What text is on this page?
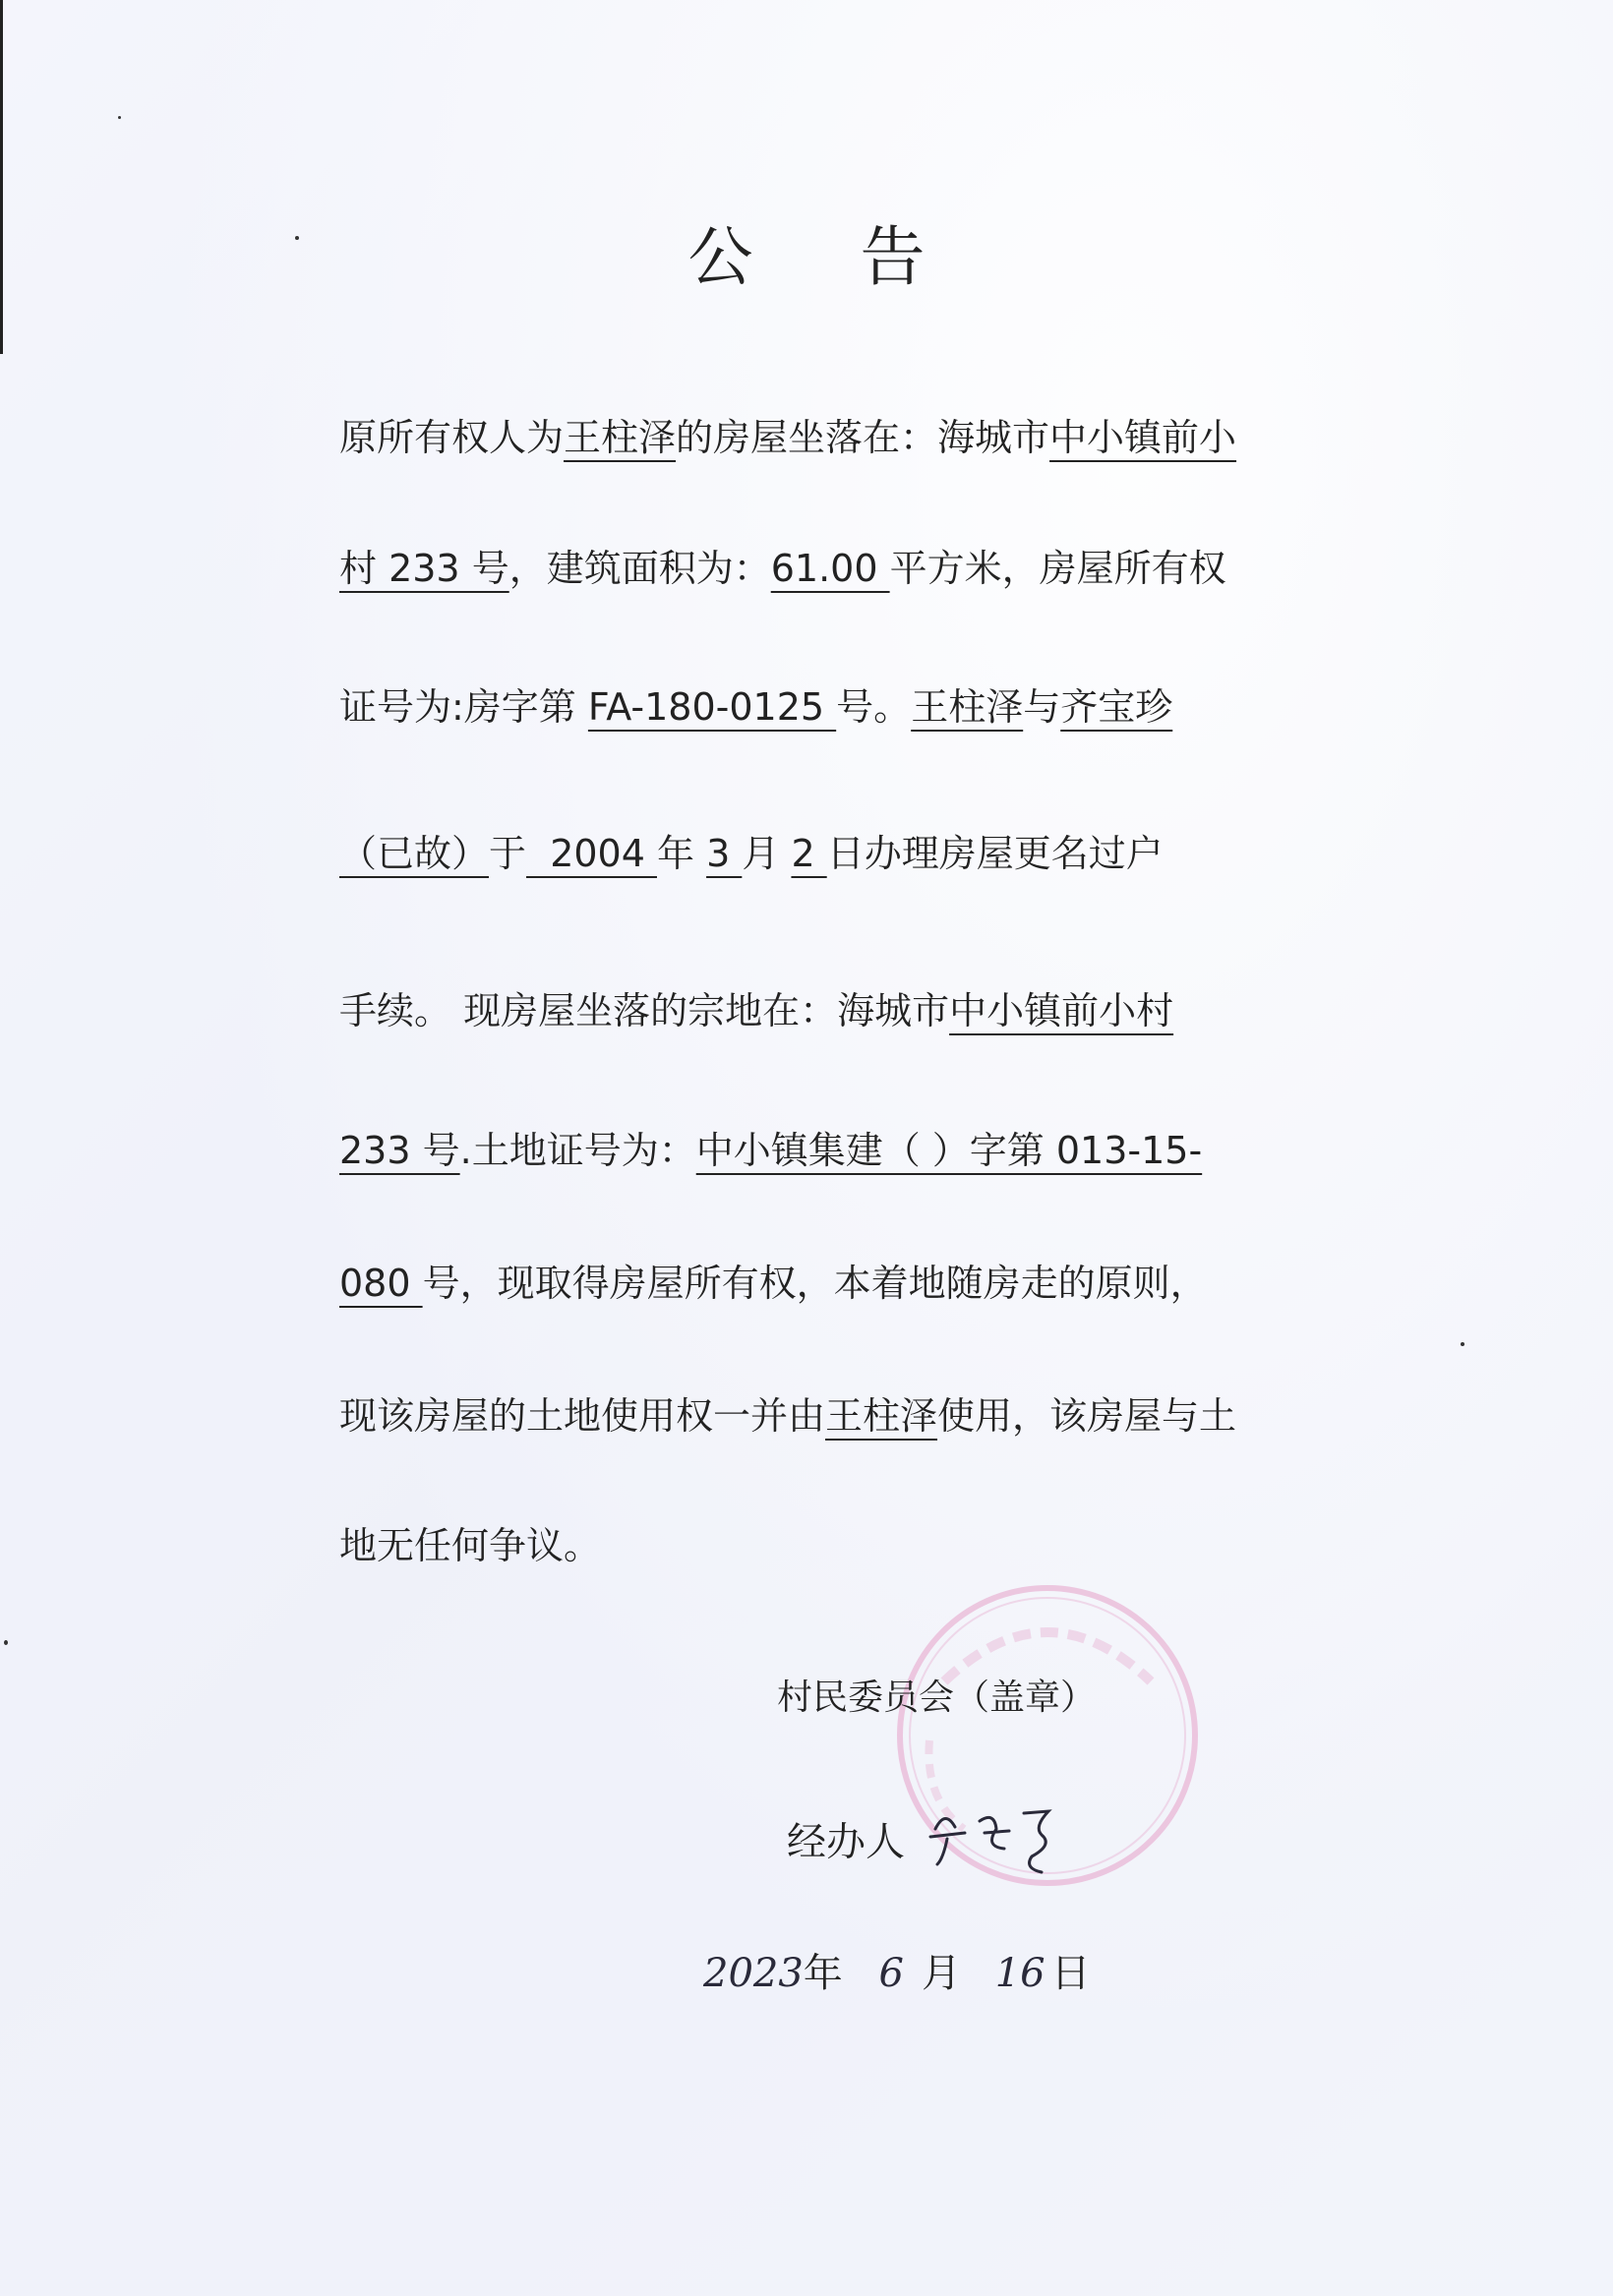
公 告
原所有权人为王柱泽的房屋坐落在：海城市中小镇前小
村 233 号，建筑面积为：61.00 平方米，房屋所有权
证号为:房字第 FA-180-0125 号。王柱泽与齐宝珍
（已故）于  2004 年 3 月 2 日办理房屋更名过户
手续。 现房屋坐落的宗地在：海城市中小镇前小村
233 号.土地证号为：中小镇集建（ ）字第 013-15-
080 号，现取得房屋所有权，本着地随房走的原则，
现该房屋的土地使用权一并由王柱泽使用，该房屋与土
地无任何争议。
村民委员会（盖章）
经办人
2023年 6 月 16 日
